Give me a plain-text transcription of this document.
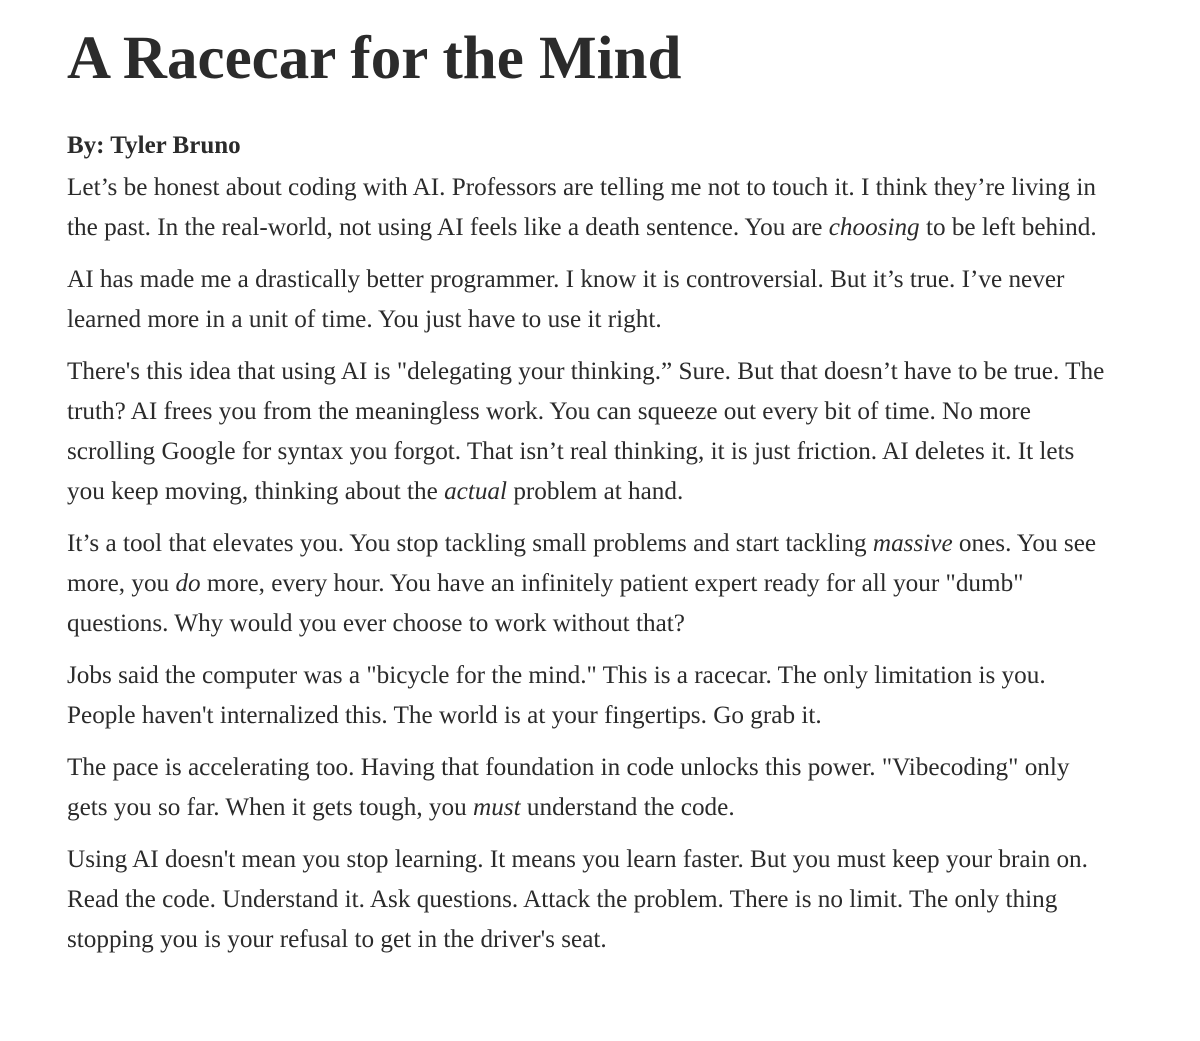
A Racecar for the Mind

By: Tyler Bruno

Let’s be honest about coding with AI. Professors are telling me not to touch it. I think they’re living in the past. In the real-world, not using AI feels like a death sentence. You are choosing to be left behind.

AI has made me a drastically better programmer. I know it is controversial. But it’s true. I’ve never learned more in a unit of time. You just have to use it right.

There's this idea that using AI is "delegating your thinking.” Sure. But that doesn’t have to be true. The truth? AI frees you from the meaningless work. You can squeeze out every bit of time. No more scrolling Google for syntax you forgot. That isn’t real thinking, it is just friction. AI deletes it. It lets you keep moving, thinking about the actual problem at hand.

It’s a tool that elevates you. You stop tackling small problems and start tackling massive ones. You see more, you do more, every hour. You have an infinitely patient expert ready for all your "dumb" questions. Why would you ever choose to work without that?

Jobs said the computer was a "bicycle for the mind." This is a racecar. The only limitation is you. People haven't internalized this. The world is at your fingertips. Go grab it.

The pace is accelerating too. Having that foundation in code unlocks this power. "Vibecoding" only gets you so far. When it gets tough, you must understand the code.

Using AI doesn't mean you stop learning. It means you learn faster. But you must keep your brain on. Read the code. Understand it. Ask questions. Attack the problem. There is no limit. The only thing stopping you is your refusal to get in the driver's seat.
